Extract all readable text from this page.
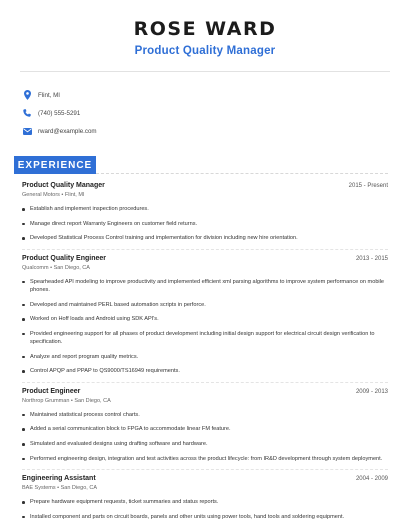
ROSE WARD
Product Quality Manager
Flint, MI
(740) 555-5291
rward@example.com
EXPERIENCE
Product Quality Manager	2015 - Present
General Motors • Flint, MI
Establish and implement inspection procedures.
Manage direct report Warranty Engineers on customer field returns.
Developed Statistical Process Control training and implementation for division including new hire orientation.
Product Quality Engineer	2013 - 2015
Qualcomm • San Diego, CA
Spearheaded API modeling to improve productivity and implemented efficient xml parsing algorithms to improve system performance on mobile phones.
Developed and maintained PERL based automation scripts in perforce.
Worked on Hoff loads and Android using SDK API's.
Provided engineering support for all phases of product development including initial design support for electrical circuit design verification to specification.
Analyze and report program quality metrics.
Control APQP and PPAP to QS9000/TS16949 requirements.
Product Engineer	2009 - 2013
Northrop Grumman • San Diego, CA
Maintained statistical process control charts.
Added a serial communication block to FPGA to accommodate linear FM feature.
Simulated and evaluated designs using drafting software and hardware.
Performed engineering design, integration and test activities across the product lifecycle: from IR&D development through system deployment.
Engineering Assistant	2004 - 2009
BAE Systems • San Diego, CA
Prepare hardware equipment requests, ticket summaries and status reports.
Installed component and parts on circuit boards, panels and other units using power tools, hand tools and soldering equipment.
